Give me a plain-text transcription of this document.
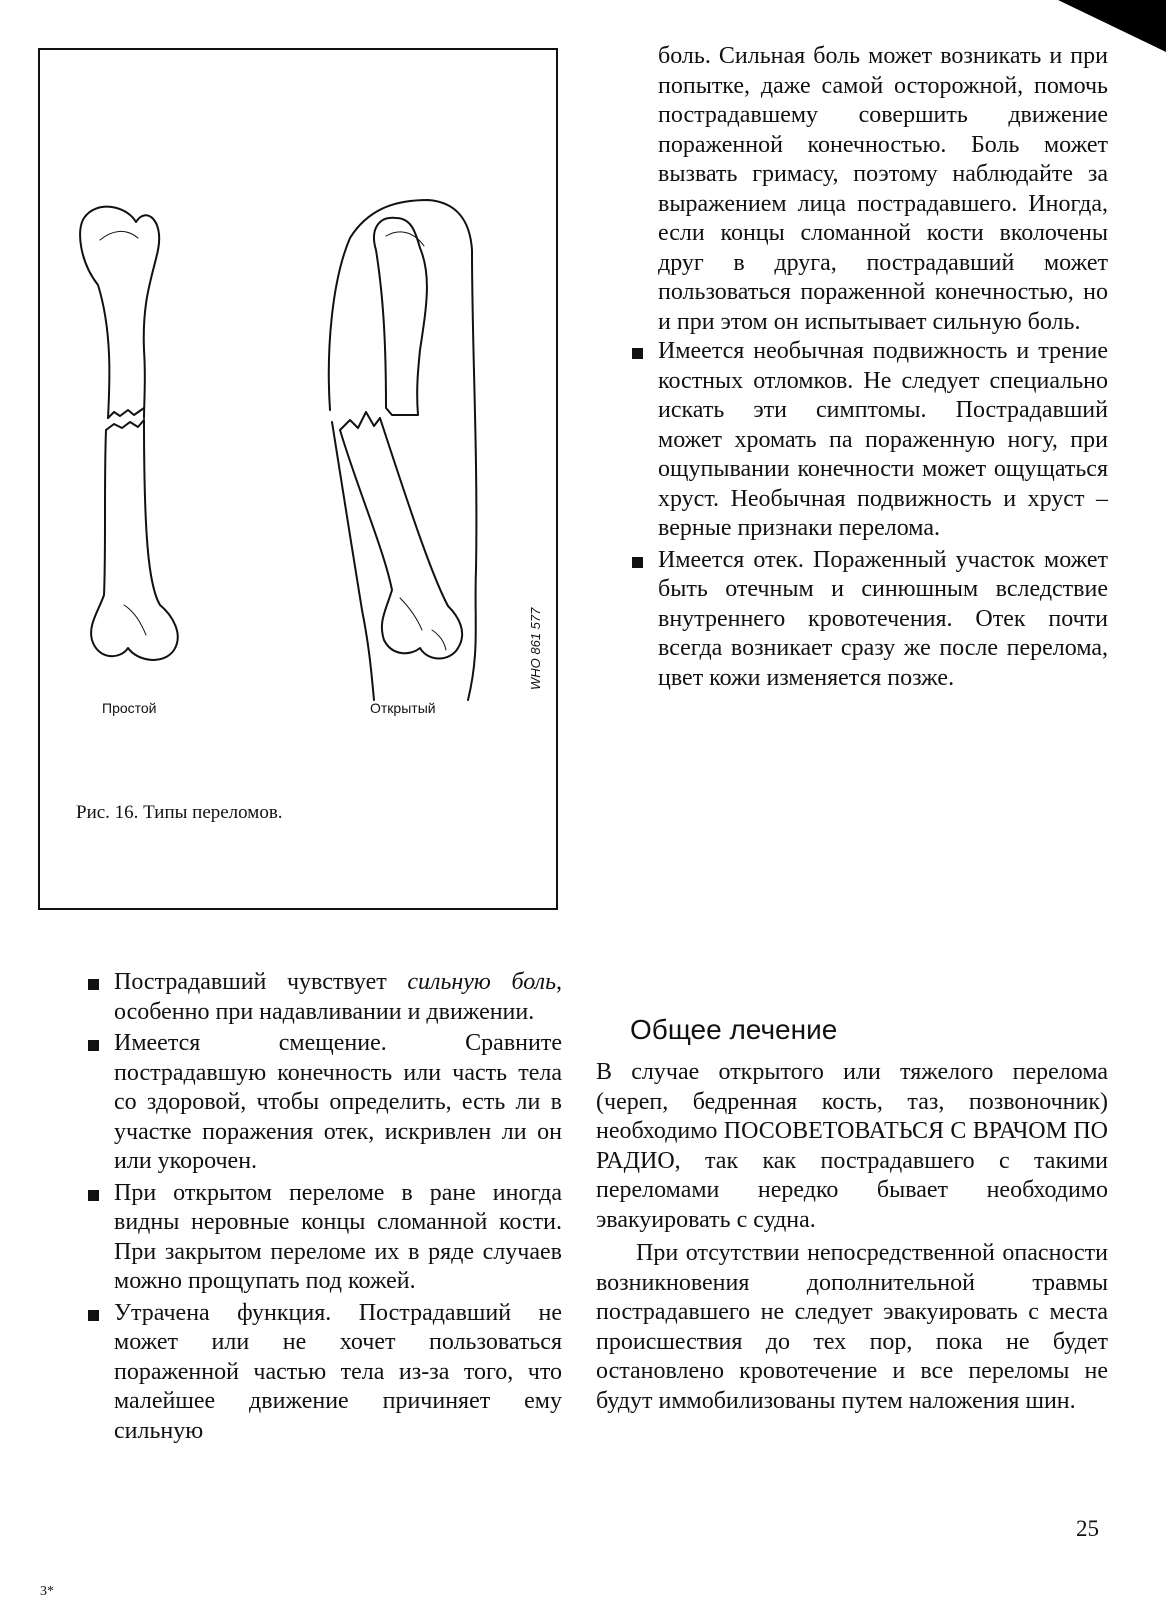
Простой	Открытый
WHO 861 577
Рис. 16. Типы переломов.

боль. Сильная боль может возникать и при попытке, даже самой осторожной, помочь пострадавшему совершить движение пораженной конечностью. Боль может вызвать гримасу, поэтому наблюдайте за выражением лица пострадавшего. Иногда, если концы сломанной кости вколочены друг в друга, пострадавший может пользоваться пораженной конечностью, но и при этом он испытывает сильную боль.

Имеется необычная подвижность и трение костных отломков. Не следует специально искать эти симптомы. Пострадавший может хромать па пораженную ногу, при ощупывании конечности может ощущаться хруст. Необычная подвижность и хруст – верные признаки перелома.
Имеется отек. Пораженный участок может быть отечным и синюшным вследствие внутреннего кровотечения. Отек почти всегда возникает сразу же после перелома, цвет кожи изменяется позже.
Пострадавший чувствует сильную боль, особенно при надавливании и движении.
Имеется смещение. Сравните пострадавшую конечность или часть тела со здоровой, чтобы определить, есть ли в участке поражения отек, искривлен ли он или укорочен.
При открытом переломе в ране иногда видны неровные концы сломанной кости. При закрытом переломе их в ряде случаев можно прощупать под кожей.
Утрачена функция. Пострадавший не может или не хочет пользоваться пораженной частью тела из-за того, что малейшее движение причиняет ему сильную
Общее лечение

В случае открытого или тяжелого перелома (череп, бедренная кость, таз, позвоночник) необходимо ПОСОВЕТОВАТЬСЯ С ВРАЧОМ ПО РАДИО, так как пострадавшего с такими переломами нередко бывает необходимо эвакуировать с судна.

При отсутствии непосредственной опасности возникновения дополнительной травмы пострадавшего не следует эвакуировать с места происшествия до тех пор, пока не будет остановлено кровотечение и все переломы не будут иммобилизованы путем наложения шин.

25
3*
